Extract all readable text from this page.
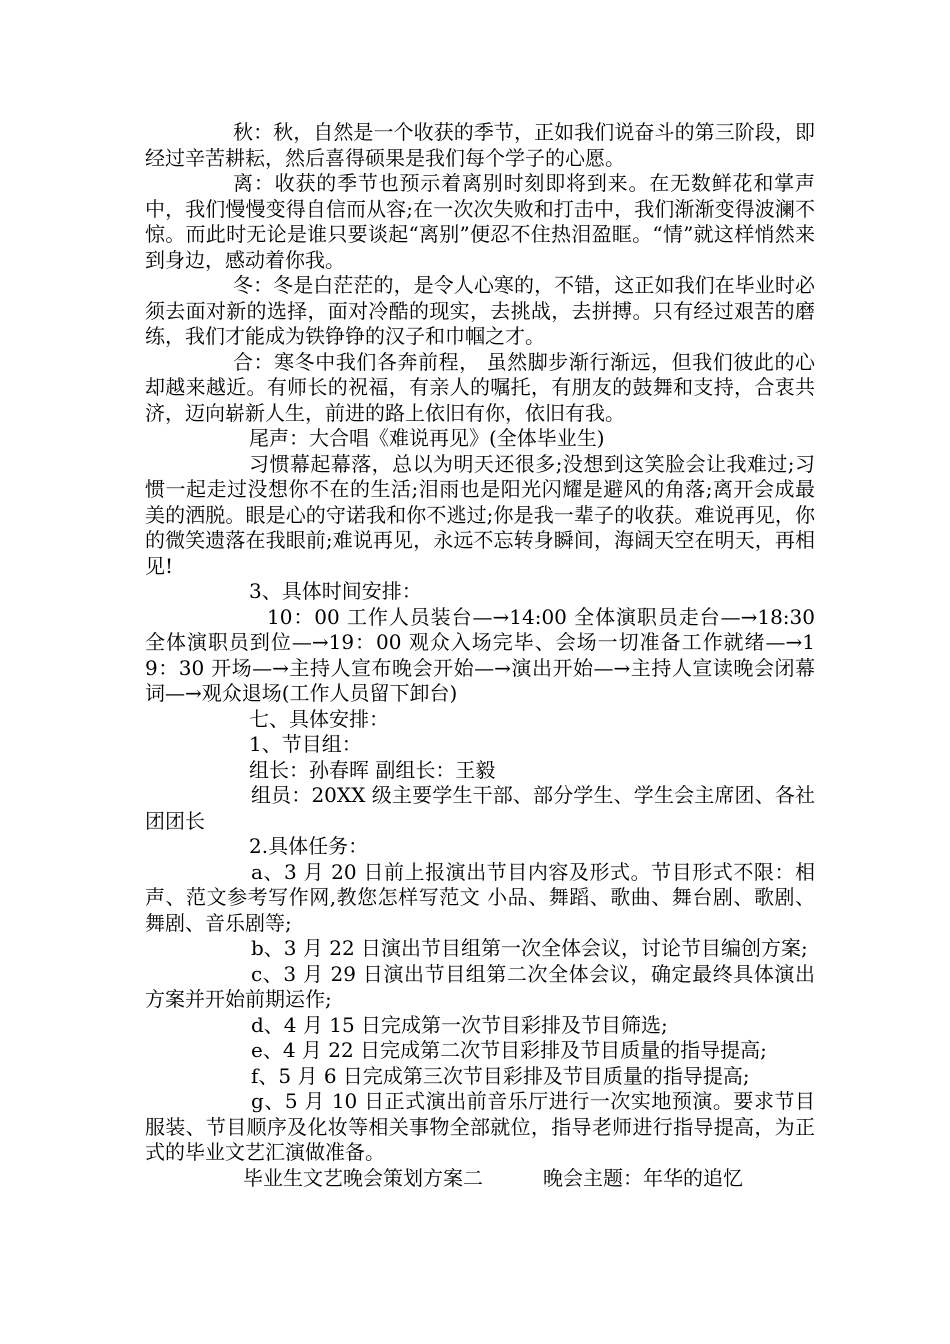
秋：秋，自然是一个收获的季节，正如我们说奋斗的第三阶段，即经过辛苦耕耘，然后喜得硕果是我们每个学子的心愿。

离：收获的季节也预示着离别时刻即将到来。在无数鲜花和掌声中，我们慢慢变得自信而从容;在一次次失败和打击中，我们渐渐变得波澜不惊。而此时无论是谁只要谈起“离别”便忍不住热泪盈眶。“情”就这样悄然来到身边，感动着你我。

冬：冬是白茫茫的，是令人心寒的，不错，这正如我们在毕业时必须去面对新的选择，面对冷酷的现实，去挑战，去拼搏。只有经过艰苦的磨练，我们才能成为铁铮铮的汉子和巾帼之才。

合：寒冬中我们各奔前程， 虽然脚步渐行渐远，但我们彼此的心却越来越近。有师长的祝福，有亲人的嘱托，有朋友的鼓舞和支持，合衷共济，迈向崭新人生，前进的路上依旧有你，依旧有我。

尾声：大合唱《难说再见》(全体毕业生)

习惯幕起幕落，总以为明天还很多;没想到这笑脸会让我难过;习惯一起走过没想你不在的生活;泪雨也是阳光闪耀是避风的角落;离开会成最美的洒脱。眼是心的守诺我和你不逃过;你是我一辈子的收获。难说再见，你的微笑遗落在我眼前;难说再见，永远不忘转身瞬间，海阔天空在明天，再相见!

3、具体时间安排：

10：00 工作人员装台—→14:00 全体演职员走台—→18:30 全体演职员到位—→19：00 观众入场完毕、会场一切准备工作就绪—→19：30 开场—→主持人宣布晚会开始—→演出开始—→主持人宣读晚会闭幕词—→观众退场(工作人员留下卸台)

七、具体安排：

1、节目组：

组长：孙春晖 副组长：王毅

组员：20XX 级主要学生干部、部分学生、学生会主席团、各社团团长

2.具体任务：

a、3 月 20 日前上报演出节目内容及形式。节目形式不限：相声、范文参考写作网,教您怎样写范文 小品、舞蹈、歌曲、舞台剧、歌剧、舞剧、音乐剧等;

b、3 月 22 日演出节目组第一次全体会议，讨论节目编创方案;

c、3 月 29 日演出节目组第二次全体会议，确定最终具体演出方案并开始前期运作;

d、4 月 15 日完成第一次节目彩排及节目筛选;

e、4 月 22 日完成第二次节目彩排及节目质量的指导提高;

f、5 月 6 日完成第三次节目彩排及节目质量的指导提高;

g、5 月 10 日正式演出前音乐厅进行一次实地预演。要求节目服装、节目顺序及化妆等相关事物全部就位，指导老师进行指导提高，为正式的毕业文艺汇演做准备。

毕业生文艺晚会策划方案二	晚会主题：年华的追忆
